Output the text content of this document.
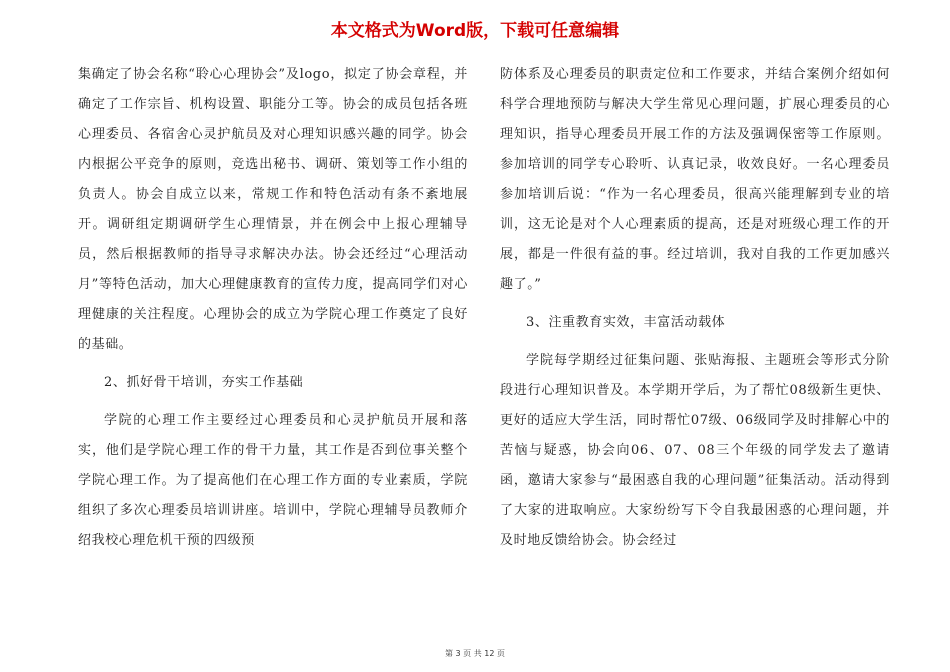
本文格式为Word版，下载可任意编辑

集确定了协会名称“聆心心理协会”及logo，拟定了协会章程，并确定了工作宗旨、机构设置、职能分工等。协会的成员包括各班心理委员、各宿舍心灵护航员及对心理知识感兴趣的同学。协会内根据公平竞争的原则，竞选出秘书、调研、策划等工作小组的负责人。协会自成立以来，常规工作和特色活动有条不紊地展开。调研组定期调研学生心理情景，并在例会中上报心理辅导员，然后根据教师的指导寻求解决办法。协会还经过“心理活动月”等特色活动，加大心理健康教育的宣传力度，提高同学们对心理健康的关注程度。心理协会的成立为学院心理工作奠定了良好的基础。

2、抓好骨干培训，夯实工作基础

学院的心理工作主要经过心理委员和心灵护航员开展和落实，他们是学院心理工作的骨干力量，其工作是否到位事关整个学院心理工作。为了提高他们在心理工作方面的专业素质，学院组织了多次心理委员培训讲座。培训中，学院心理辅导员教师介绍我校心理危机干预的四级预

防体系及心理委员的职责定位和工作要求，并结合案例介绍如何科学合理地预防与解决大学生常见心理问题，扩展心理委员的心理知识，指导心理委员开展工作的方法及强调保密等工作原则。参加培训的同学专心聆听、认真记录，收效良好。一名心理委员参加培训后说：“作为一名心理委员，很高兴能理解到专业的培训，这无论是对个人心理素质的提高，还是对班级心理工作的开展，都是一件很有益的事。经过培训，我对自我的工作更加感兴趣了。”

3、注重教育实效，丰富活动载体

学院每学期经过征集问题、张贴海报、主题班会等形式分阶段进行心理知识普及。本学期开学后，为了帮忙08级新生更快、更好的适应大学生活，同时帮忙07级、06级同学及时排解心中的苦恼与疑惑，协会向06、07、08三个年级的同学发去了邀请函，邀请大家参与“最困惑自我的心理问题”征集活动。活动得到了大家的进取响应。大家纷纷写下令自我最困惑的心理问题，并及时地反馈给协会。协会经过

第 3 页 共 12 页
